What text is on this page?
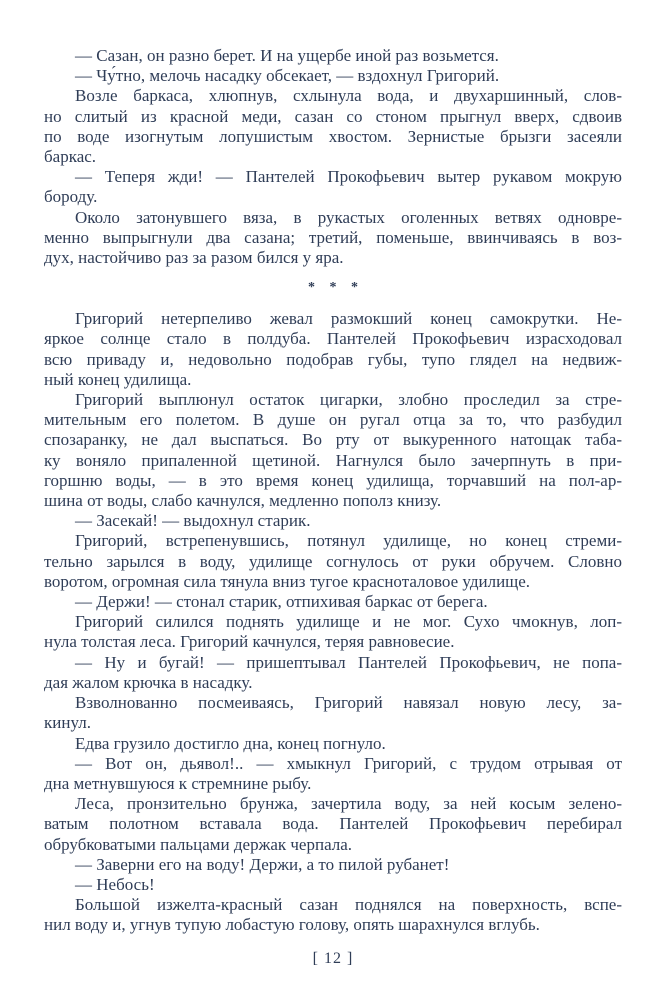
— Сазан, он разно берет. И на ущербе иной раз возьмется.
— Чу́тно, мелочь насадку обсекает, — вздохнул Григорий.
Возле баркаса, хлюпнув, схлынула вода, и двухаршинный, слов-
но слитый из красной меди, сазан со стоном прыгнул вверх, сдвоив
по воде изогнутым лопушистым хвостом. Зернистые брызги засеяли
баркас.
— Теперя жди! — Пантелей Прокофьевич вытер рукавом мокрую
бороду.
Около затонувшего вяза, в рукастых оголенных ветвях одновре-
менно выпрыгнули два сазана; третий, поменьше, ввинчиваясь в воз-
дух, настойчиво раз за разом бился у яра.
* * *
Григорий нетерпеливо жевал размокший конец самокрутки. Не-
яркое солнце стало в полдуба. Пантелей Прокофьевич израсходовал
всю приваду и, недовольно подобрав губы, тупо глядел на недвиж-
ный конец удилища.
Григорий выплюнул остаток цигарки, злобно проследил за стре-
мительным его полетом. В душе он ругал отца за то, что разбудил
спозаранку, не дал выспаться. Во рту от выкуренного натощак таба-
ку воняло припаленной щетиной. Нагнулся было зачерпнуть в при-
горшню воды, — в это время конец удилища, торчавший на пол-ар-
шина от воды, слабо качнулся, медленно пополз книзу.
— Засекай! — выдохнул старик.
Григорий, встрепенувшись, потянул удилище, но конец стреми-
тельно зарылся в воду, удилище согнулось от руки обручем. Словно
воротом, огромная сила тянула вниз тугое красноталовое удилище.
— Держи! — стонал старик, отпихивая баркас от берега.
Григорий силился поднять удилище и не мог. Сухо чмокнув, лоп-
нула толстая леса. Григорий качнулся, теряя равновесие.
— Ну и бугай! — пришептывал Пантелей Прокофьевич, не попа-
дая жалом крючка в насадку.
Взволнованно посмеиваясь, Григорий навязал новую лесу, за-
кинул.
Едва грузило достигло дна, конец погнуло.
— Вот он, дьявол!.. — хмыкнул Григорий, с трудом отрывая от
дна метнувшуюся к стремнине рыбу.
Леса, пронзительно брунжа, зачертила воду, за ней косым зелено-
ватым полотном вставала вода. Пантелей Прокофьевич перебирал
обрубковатыми пальцами держак черпала.
— Заверни его на воду! Держи, а то пилой рубанет!
— Небось!
Большой изжелта-красный сазан поднялся на поверхность, вспе-
нил воду и, угнув тупую лобастую голову, опять шарахнулся вглубь.
[ 12 ]
